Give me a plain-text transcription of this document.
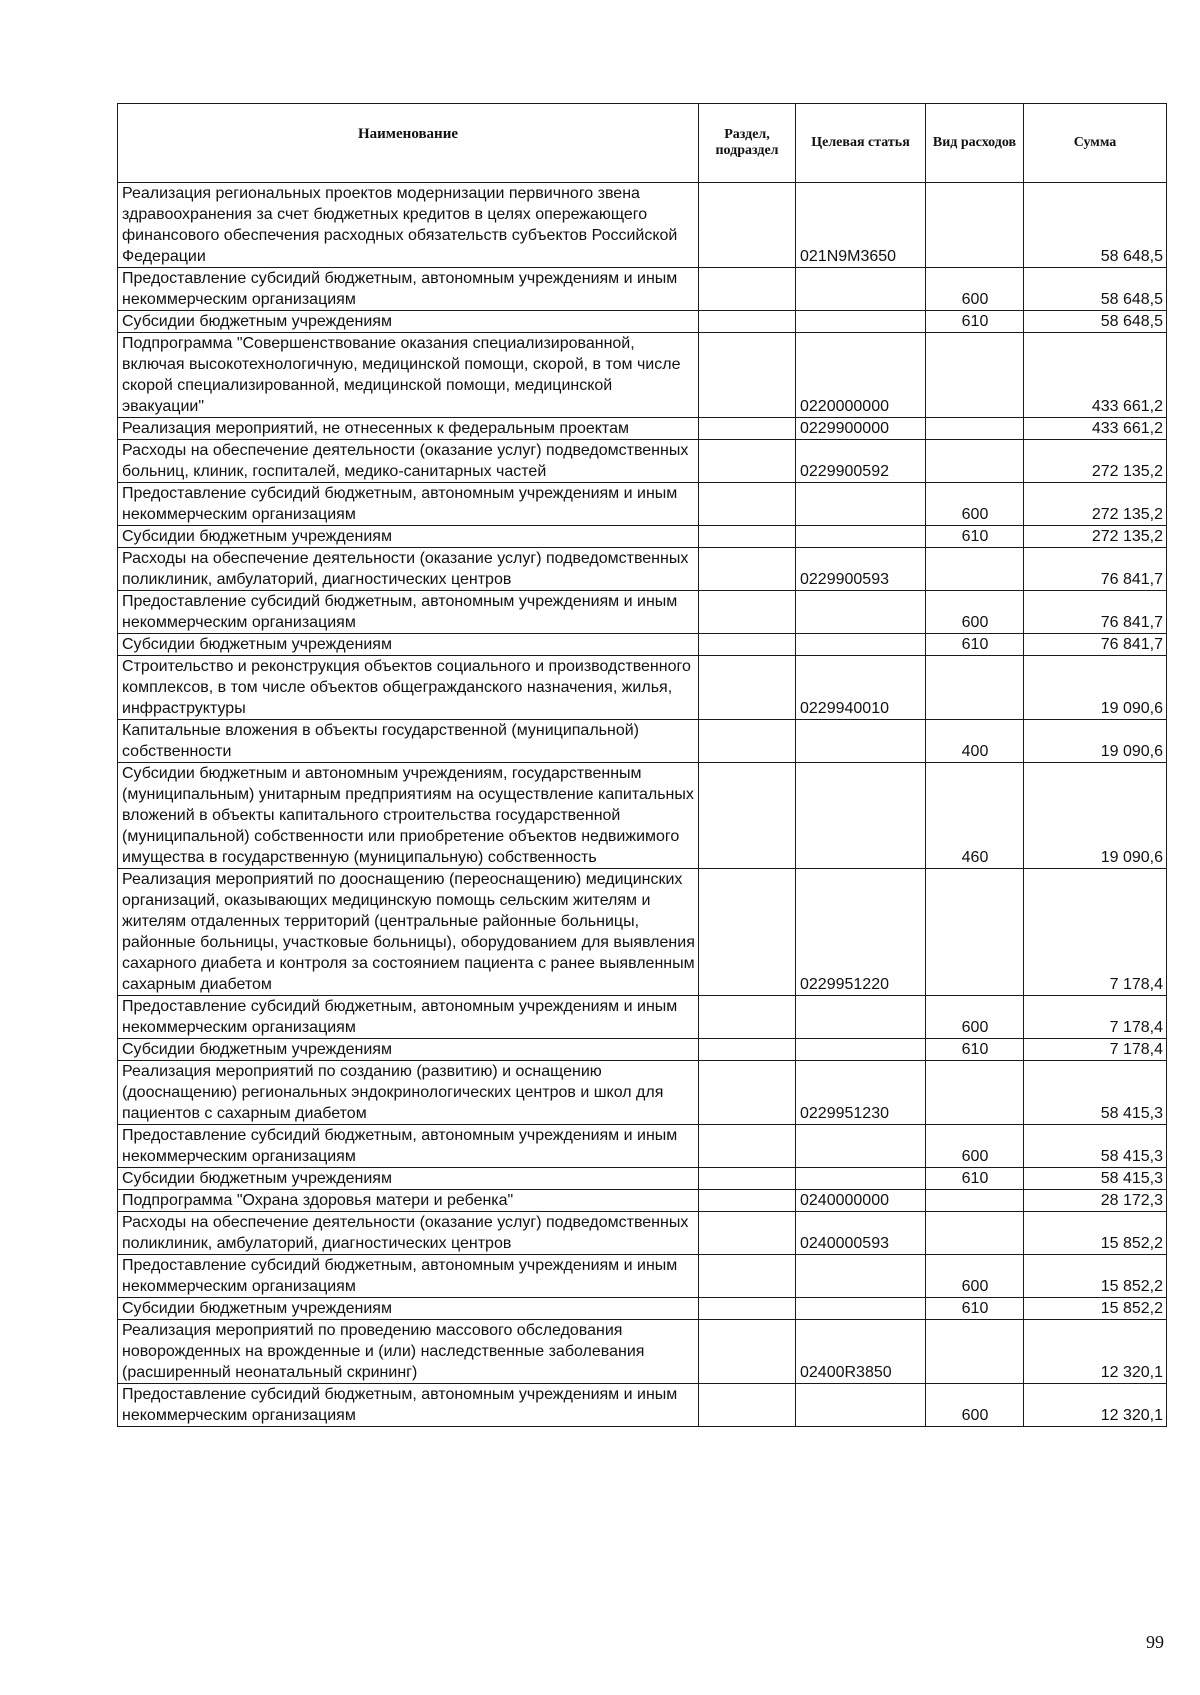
Наименование	Раздел, подраздел	Целевая статья	Вид расходов	Сумма
Реализация региональных проектов модернизации первичного звена здравоохранения за счет бюджетных кредитов в целях опережающего финансового обеспечения расходных обязательств субъектов Российской Федерации		021N9M3650		58 648,5
Предоставление субсидий бюджетным, автономным учреждениям и иным некоммерческим организациям			600	58 648,5
Субсидии бюджетным учреждениям			610	58 648,5
Подпрограмма "Совершенствование оказания специализированной, включая высокотехнологичную, медицинской помощи, скорой, в том числе скорой специализированной, медицинской помощи, медицинской эвакуации"		0220000000		433 661,2
Реализация мероприятий, не отнесенных к федеральным проектам		0229900000		433 661,2
Расходы на обеспечение деятельности (оказание услуг) подведомственных больниц, клиник, госпиталей, медико-санитарных частей		0229900592		272 135,2
Предоставление субсидий бюджетным, автономным учреждениям и иным некоммерческим организациям			600	272 135,2
Субсидии бюджетным учреждениям			610	272 135,2
Расходы на обеспечение деятельности (оказание услуг) подведомственных поликлиник, амбулаторий, диагностических центров		0229900593		76 841,7
Предоставление субсидий бюджетным, автономным учреждениям и иным некоммерческим организациям			600	76 841,7
Субсидии бюджетным учреждениям			610	76 841,7
Строительство и реконструкция объектов социального и производственного комплексов, в том числе объектов общегражданского назначения, жилья, инфраструктуры		0229940010		19 090,6
Капитальные вложения в объекты государственной (муниципальной) собственности			400	19 090,6
Субсидии бюджетным и автономным учреждениям, государственным (муниципальным) унитарным предприятиям на осуществление капитальных вложений в объекты капитального строительства государственной (муниципальной) собственности или приобретение объектов недвижимого имущества в государственную (муниципальную) собственность			460	19 090,6
Реализация мероприятий по дооснащению (переоснащению) медицинских организаций, оказывающих медицинскую помощь сельским жителям и жителям отдаленных территорий (центральные районные больницы, районные больницы, участковые больницы), оборудованием для выявления сахарного диабета и контроля за состоянием пациента с ранее выявленным сахарным диабетом		0229951220		7 178,4
Предоставление субсидий бюджетным, автономным учреждениям и иным некоммерческим организациям			600	7 178,4
Субсидии бюджетным учреждениям			610	7 178,4
Реализация мероприятий по созданию (развитию) и оснащению (дооснащению) региональных эндокринологических центров и школ для пациентов с сахарным диабетом		0229951230		58 415,3
Предоставление субсидий бюджетным, автономным учреждениям и иным некоммерческим организациям			600	58 415,3
Субсидии бюджетным учреждениям			610	58 415,3
Подпрограмма "Охрана здоровья матери и ребенка"		0240000000		28 172,3
Расходы на обеспечение деятельности (оказание услуг) подведомственных поликлиник, амбулаторий, диагностических центров		0240000593		15 852,2
Предоставление субсидий бюджетным, автономным учреждениям и иным некоммерческим организациям			600	15 852,2
Субсидии бюджетным учреждениям			610	15 852,2
Реализация мероприятий по проведению массового обследования новорожденных на врожденные и (или) наследственные заболевания (расширенный неонатальный скрининг)		02400R3850		12 320,1
Предоставление субсидий бюджетным, автономным учреждениям и иным некоммерческим организациям			600	12 320,1
99
